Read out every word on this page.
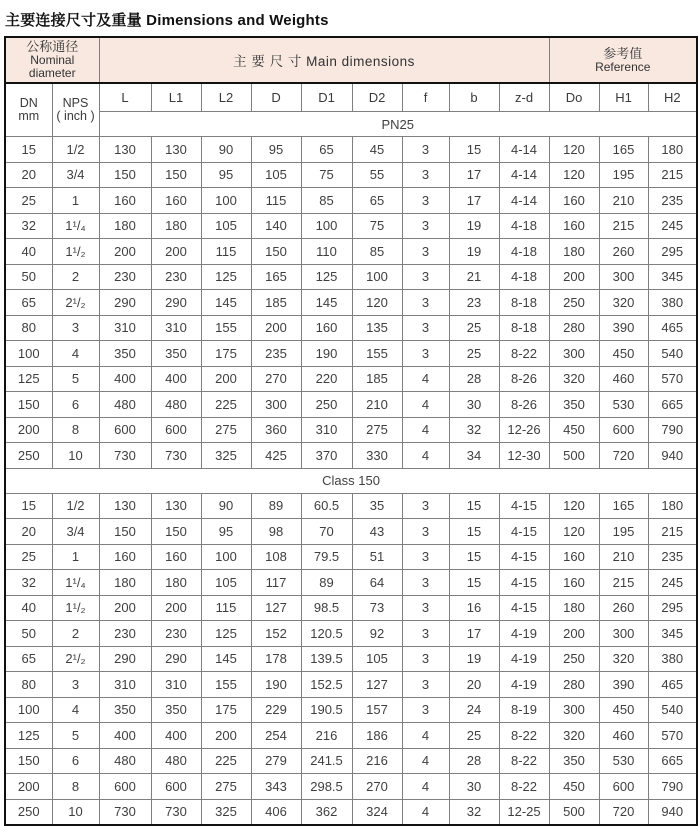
主要连接尺寸及重量 Dimensions and Weights
公称通径
Nominal
diameter

主 要 尺 寸 Main dimensions

参考值
Reference

DN
mm

NPS
( inch )
	L	L1	L2	D	D1	D2	f	b	z-d	Do	H1	H2
		PN25											
15	1/2	130	130	90	95	65	45	3	15	4-14	120	165	180
20	3/4	150	150	95	105	75	55	3	17	4-14	120	195	215
25	1	160	160	100	115	85	65	3	17	4-14	160	210	235
32	1¹/₄	180	180	105	140	100	75	3	19	4-18	160	215	245
40	1¹/₂	200	200	115	150	110	85	3	19	4-18	180	260	295
50	2	230	230	125	165	125	100	3	21	4-18	200	300	345
65	2¹/₂	290	290	145	185	145	120	3	23	8-18	250	320	380
80	3	310	310	155	200	160	135	3	25	8-18	280	390	465
100	4	350	350	175	235	190	155	3	25	8-22	300	450	540
125	5	400	400	200	270	220	185	4	28	8-26	320	460	570
150	6	480	480	225	300	250	210	4	30	8-26	350	530	665
200	8	600	600	275	360	310	275	4	32	12-26	450	600	790
250	10	730	730	325	425	370	330	4	34	12-30	500	720	940
Class 150													
15	1/2	130	130	90	89	60.5	35	3	15	4-15	120	165	180
20	3/4	150	150	95	98	70	43	3	15	4-15	120	195	215
25	1	160	160	100	108	79.5	51	3	15	4-15	160	210	235
32	1¹/₄	180	180	105	117	89	64	3	15	4-15	160	215	245
40	1¹/₂	200	200	115	127	98.5	73	3	16	4-15	180	260	295
50	2	230	230	125	152	120.5	92	3	17	4-19	200	300	345
65	2¹/₂	290	290	145	178	139.5	105	3	19	4-19	250	320	380
80	3	310	310	155	190	152.5	127	3	20	4-19	280	390	465
100	4	350	350	175	229	190.5	157	3	24	8-19	300	450	540
125	5	400	400	200	254	216	186	4	25	8-22	320	460	570
150	6	480	480	225	279	241.5	216	4	28	8-22	350	530	665
200	8	600	600	275	343	298.5	270	4	30	8-22	450	600	790
250	10	730	730	325	406	362	324	4	32	12-25	500	720	940
